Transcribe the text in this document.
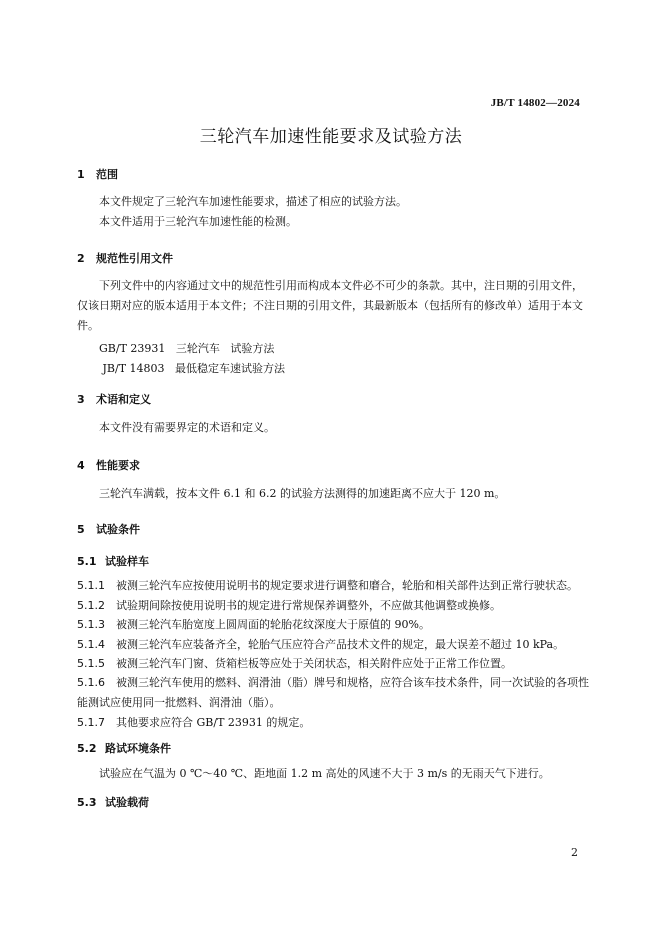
JB/T 14802—2024
三轮汽车加速性能要求及试验方法
1 范围
本文件规定了三轮汽车加速性能要求，描述了相应的试验方法。
本文件适用于三轮汽车加速性能的检测。
2 规范性引用文件
下列文件中的内容通过文中的规范性引用而构成本文件必不可少的条款。其中，注日期的引用文件，仅该日期对应的版本适用于本文件；不注日期的引用文件，其最新版本（包括所有的修改单）适用于本文件。
GB/T 23931   三轮汽车   试验方法
JB/T 14803   最低稳定车速试验方法
3 术语和定义
本文件没有需要界定的术语和定义。
4 性能要求
三轮汽车满载，按本文件 6.1 和 6.2 的试验方法测得的加速距离不应大于 120 m。
5 试验条件
5.1 试验样车
5.1.1 被测三轮汽车应按使用说明书的规定要求进行调整和磨合，轮胎和相关部件达到正常行驶状态。
5.1.2 试验期间除按使用说明书的规定进行常规保养调整外，不应做其他调整或换修。
5.1.3 被测三轮汽车胎宽度上圆周面的轮胎花纹深度大于原值的 90%。
5.1.4 被测三轮汽车应装备齐全，轮胎气压应符合产品技术文件的规定，最大误差不超过 10 kPa。
5.1.5 被测三轮汽车门窗、货箱栏板等应处于关闭状态，相关附件应处于正常工作位置。
5.1.6 被测三轮汽车使用的燃料、润滑油（脂）牌号和规格，应符合该车技术条件，同一次试验的各项性能测试应使用同一批燃料、润滑油（脂）。
5.1.7 其他要求应符合 GB/T 23931 的规定。
5.2 路试环境条件
试验应在气温为 0 ℃～40 ℃、距地面 1.2 m 高处的风速不大于 3 m/s 的无雨天气下进行。
5.3 试验载荷
2
